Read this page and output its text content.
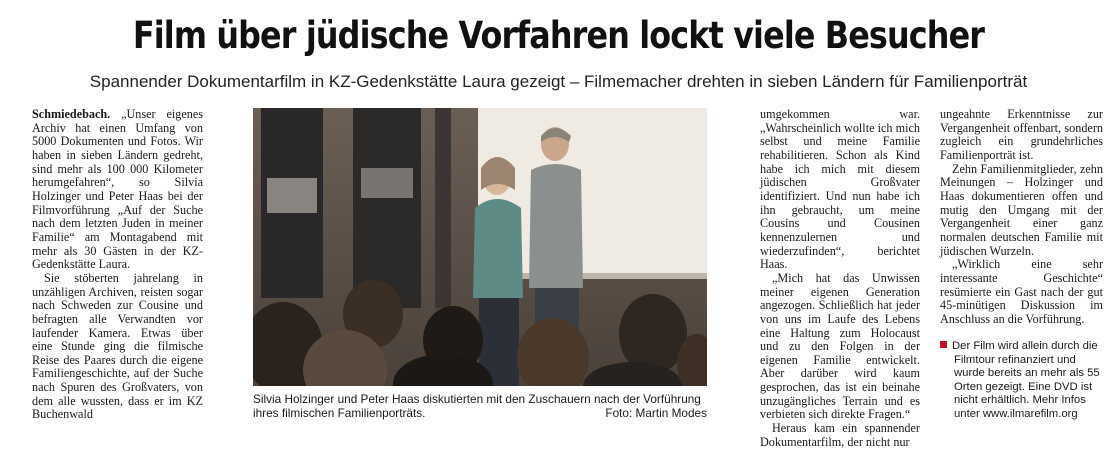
Film über jüdische Vorfahren lockt viele Besucher
Spannender Dokumentarfilm in KZ-Gedenkstätte Laura gezeigt – Filmemacher drehten in sieben Ländern für Familienporträt

Schmiedebach. „Unser eigenes Archiv hat einen Umfang von 5000 Dokumenten und Fotos. Wir haben in sieben Ländern gedreht, sind mehr als 100 000 Kilometer herumgefahren“, so Silvia Holzinger und Peter Haas bei der Filmvorführung „Auf der Suche nach dem letzten Juden in meiner Familie“ am Montagabend mit mehr als 30 Gästen in der KZ-Gedenkstätte Laura.

Sie stöberten jahrelang in unzähligen Archiven, reisten sogar nach Schweden zur Cousine und befragten alle Verwandten vor laufender Kamera. Etwas über eine Stunde ging die filmische Reise des Paares durch die eigene Familiengeschichte, auf der Suche nach Spuren des Großvaters, von dem alle wussten, dass er im KZ Buchenwald

Silvia Holzinger und Peter Haas diskutierten mit den Zuschauern nach der Vorführung ihres filmischen Familienporträts.	Foto: Martin Modes

umgekommen war. „Wahrscheinlich wollte ich mich selbst und meine Familie rehabilitieren. Schon als Kind habe ich mich mit diesem jüdischen Großvater identifiziert. Und nun habe ich ihn gebraucht, um meine Cousins und Cousinen kennenzulernen und wiederzufinden“, berichtet Haas.

„Mich hat das Unwissen meiner eigenen Generation angezogen. Schließlich hat jeder von uns im Laufe des Lebens eine Haltung zum Holocaust und zu den Folgen in der eigenen Familie entwickelt. Aber darüber wird kaum gesprochen, das ist ein beinahe unzugängliches Terrain und es verbieten sich direkte Fragen.“

Heraus kam ein spannender Dokumentarfilm, der nicht nur

ungeahnte Erkenntnisse zur Vergangenheit offenbart, sondern zugleich ein grundehrliches Familienporträt ist.

Zehn Familienmitglieder, zehn Meinungen – Holzinger und Haas dokumentieren offen und mutig den Umgang mit der Vergangenheit einer ganz normalen deutschen Familie mit jüdischen Wurzeln.

„Wirklich eine sehr interessante Geschichte“ resümierte ein Gast nach der gut 45-minütigen Diskussion im Anschluss an die Vorführung.

Der Film wird allein durch die Filmtour refinanziert und wurde bereits an mehr als 55 Orten gezeigt. Eine DVD ist nicht erhältlich. Mehr Infos unter www.ilmarefilm.org
